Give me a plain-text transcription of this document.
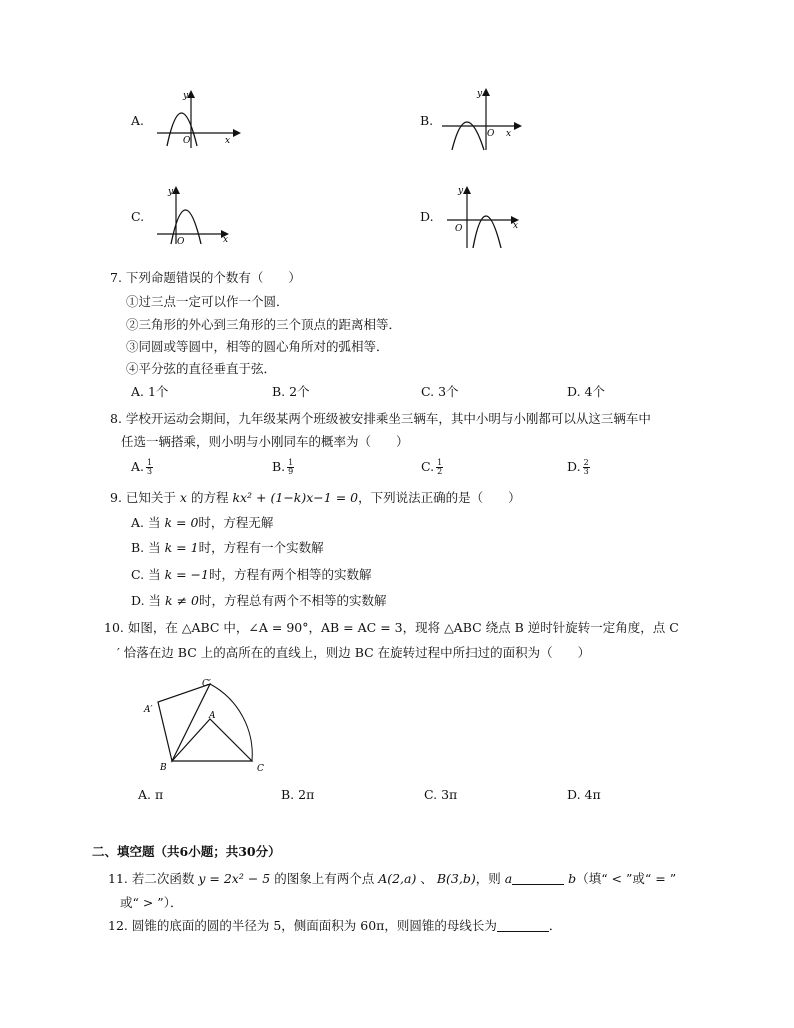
A.
y
O	x
B.
y
O x
C.
y
O	x
D.
y
O	x
7. 下列命题错误的个数有（　　）
①过三点一定可以作一个圆．
②三角形的外心到三角形的三个顶点的距离相等．
③同圆或等圆中，相等的圆心角所对的弧相等．
④平分弦的直径垂直于弦．
A. 1个	B. 2个	C. 3个	D. 4个
8. 学校开运动会期间，九年级某两个班级被安排乘坐三辆车，其中小明与小刚都可以从这三辆车中
任选一辆搭乘，则小明与小刚同车的概率为（　　）
A. $\frac{1}{3}$	B. $\frac{1}{9}$	C. $\frac{1}{2}$	D. $\frac{2}{3}$
9. 已知关于 x 的方程 kx² + (1−k)x−1 = 0，下列说法正确的是（　　）
A. 当 k = 0时，方程无解
B. 当 k = 1时，方程有一个实数解
C. 当 k = −1时，方程有两个相等的实数解
D. 当 k ≠ 0时，方程总有两个不相等的实数解
10. 如图，在 △ABC 中，∠A = 90°，AB = AC = 3，现将 △ABC 绕点 B 逆时针旋转一定角度，点 C
′ 恰落在边 BC 上的高所在的直线上，则边 BC 在旋转过程中所扫过的面积为（　　）
C′
A′
A
B	C
A. π	B. 2π	C. 3π	D. 4π
二、填空题（共6小题；共30分）
11. 若二次函数 y = 2x² − 5 的图象上有两个点 A(2,a) 、 B(3,b)，则 a	b（填“ < ”或“ = ”
或“ > ”）．
12. 圆锥的底面的圆的半径为 5，侧面面积为 60π，则圆锥的母线长为	．
